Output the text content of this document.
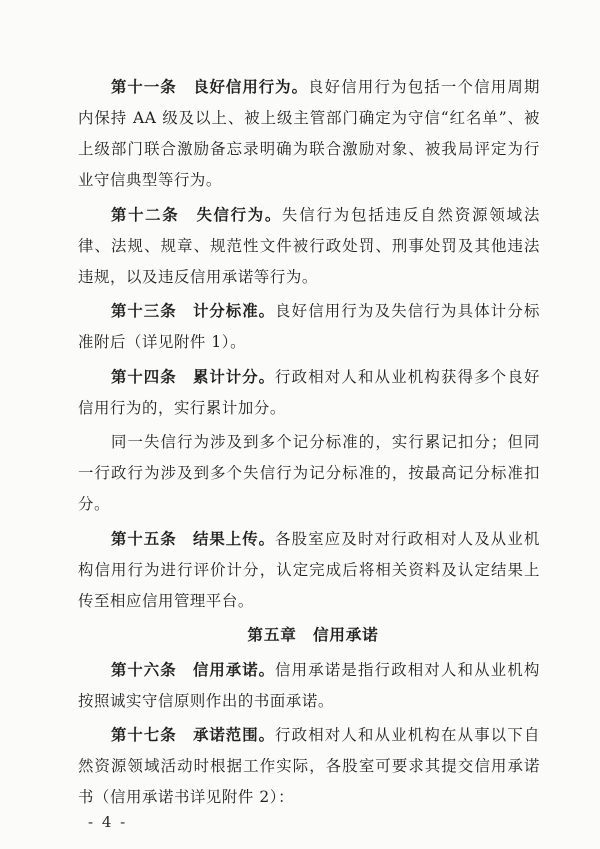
第十一条　良好信用行为。良好信用行为包括一个信用周期内保持 AA 级及以上、被上级主管部门确定为守信“红名单”、被上级部门联合激励备忘录明确为联合激励对象、被我局评定为行业守信典型等行为。

第十二条　失信行为。失信行为包括违反自然资源领域法律、法规、规章、规范性文件被行政处罚、刑事处罚及其他违法违规，以及违反信用承诺等行为。

第十三条　计分标准。良好信用行为及失信行为具体计分标准附后（详见附件 1）。

第十四条　累计计分。行政相对人和从业机构获得多个良好信用行为的，实行累计加分。

同一失信行为涉及到多个记分标准的，实行累记扣分；但同一行政行为涉及到多个失信行为记分标准的，按最高记分标准扣分。

第十五条　结果上传。各股室应及时对行政相对人及从业机构信用行为进行评价计分，认定完成后将相关资料及认定结果上传至相应信用管理平台。

第五章　信用承诺

第十六条　信用承诺。信用承诺是指行政相对人和从业机构按照诚实守信原则作出的书面承诺。

第十七条　承诺范围。行政相对人和从业机构在从事以下自然资源领域活动时根据工作实际，各股室可要求其提交信用承诺书（信用承诺书详见附件 2）：

- 4 -
